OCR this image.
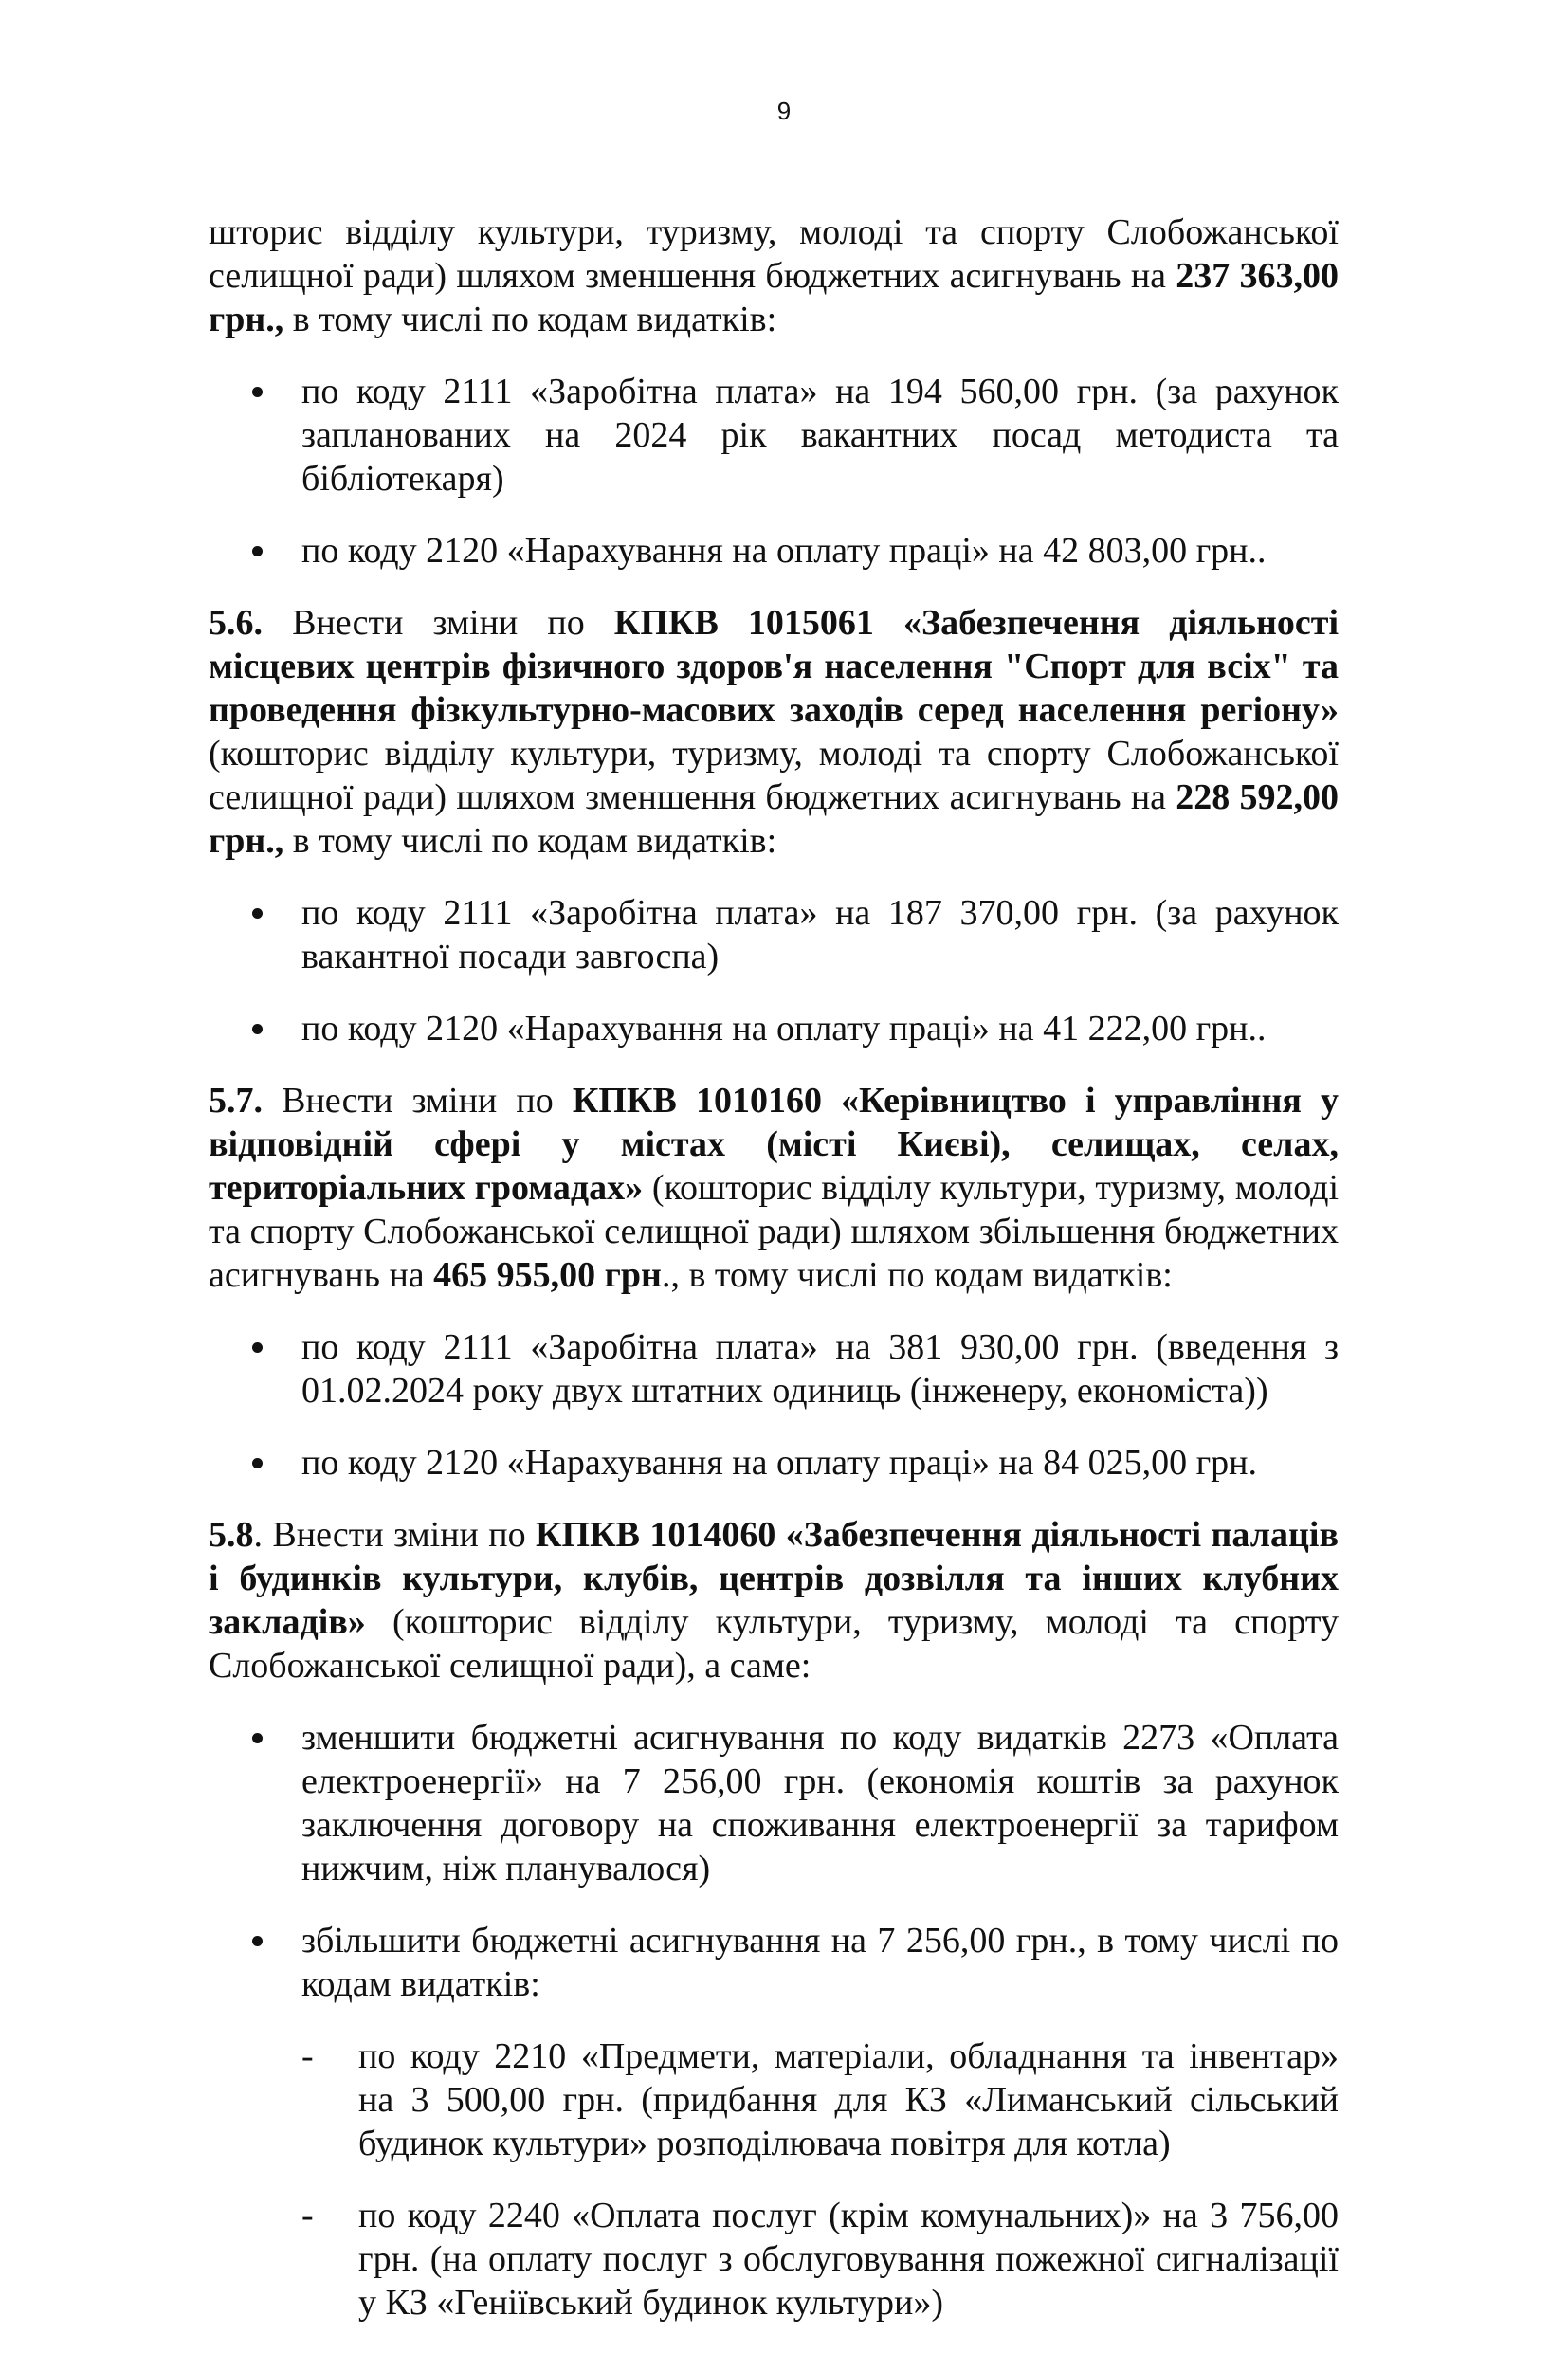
9

шторис відділу культури, туризму, молоді та спорту Слобожанської селищної ради) шляхом зменшення бюджетних асигнувань на 237 363,00 грн., в тому числі по кодам видатків:

по коду 2111 «Заробітна плата» на 194 560,00 грн. (за рахунок запланованих на 2024 рік вакантних посад методиста та бібліотекаря)
по коду 2120 «Нарахування на оплату праці» на 42 803,00 грн..

5.6. Внести зміни по КПКВ 1015061 «Забезпечення діяльності місцевих центрів фізичного здоров'я населення "Спорт для всіх" та проведення фізкультурно-масових заходів серед населення регіону» (кошторис відділу культури, туризму, молоді та спорту Слобожанської селищної ради) шляхом зменшення бюджетних асигнувань на 228 592,00 грн., в тому числі по кодам видатків:

по коду 2111 «Заробітна плата» на 187 370,00 грн. (за рахунок вакантної посади завгоспа)
по коду 2120 «Нарахування на оплату праці» на 41 222,00 грн..

5.7. Внести зміни по КПКВ 1010160 «Керівництво і управління у відповідній сфері у містах (місті Києві), селищах, селах, територіальних громадах» (кошторис відділу культури, туризму, молоді та спорту Слобожанської селищної ради) шляхом збільшення бюджетних асигнувань на 465 955,00 грн., в тому числі по кодам видатків:

по коду 2111 «Заробітна плата» на 381 930,00 грн. (введення з 01.02.2024 року двух штатних одиниць (інженеру, економіста))
по коду 2120 «Нарахування на оплату праці» на 84 025,00 грн.

5.8. Внести зміни по КПКВ 1014060 «Забезпечення діяльності палаців і будинків культури, клубів, центрів дозвілля та інших клубних закладів» (кошторис відділу культури, туризму, молоді та спорту Слобожанської селищної ради), а саме:

зменшити бюджетні асигнування по коду видатків 2273 «Оплата електроенергії» на 7 256,00 грн. (економія коштів за рахунок заключення договору на споживання електроенергії за тарифом нижчим, ніж планувалося)
збільшити бюджетні асигнування на 7 256,00 грн., в тому числі по кодам видатків:
- по коду 2210 «Предмети, матеріали, обладнання та інвентар» на 3 500,00 грн. (придбання для КЗ «Лиманський сільський будинок культури» розподілювача повітря для котла)
- по коду 2240 «Оплата послуг (крім комунальних)» на 3 756,00 грн. (на оплату послуг з обслуговування пожежної сигналізації у КЗ «Геніївський будинок культури»)
